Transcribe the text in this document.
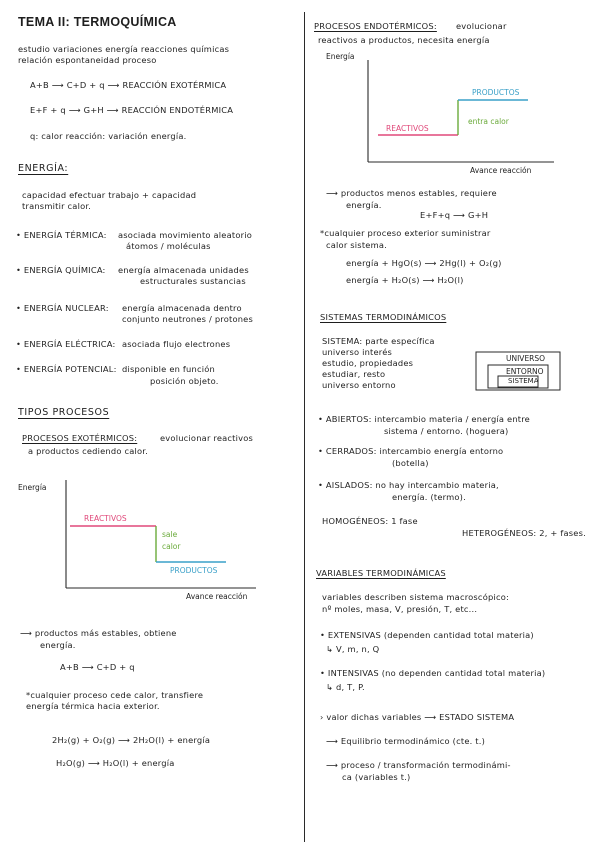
TEMA II: TERMOQUÍMICA
estudio variaciones energía reacciones químicas
relación espontaneidad proceso
A+B ⟶ C+D + q ⟶ REACCIÓN EXOTÉRMICA
E+F + q ⟶ G+H ⟶ REACCIÓN ENDOTÉRMICA
q: calor reacción: variación energía.
ENERGÍA:
capacidad efectuar trabajo + capacidad
transmitir calor.
• ENERGÍA TÉRMICA: asociada movimiento aleatorio
átomos / moléculas
• ENERGÍA QUÍMICA: energía almacenada unidades
estructurales sustancias
• ENERGÍA NUCLEAR: energía almacenada dentro
conjunto neutrones / protones
• ENERGÍA ELÉCTRICA: asociada flujo electrones
• ENERGÍA POTENCIAL: disponible en función
posición objeto.
TIPOS PROCESOS
PROCESOS EXOTÉRMICOS:	evolucionar reactivos
a productos cediendo calor.
Energía
REACTIVOS
sale
calor
PRODUCTOS
Avance reacción
⟶ productos más estables, obtiene
energía.
A+B ⟶ C+D + q
*cualquier proceso cede calor, transfiere
energía térmica hacia exterior.
2H₂(g) + O₂(g) ⟶ 2H₂O(l) + energía
H₂O(g) ⟶ H₂O(l) + energía
PROCESOS ENDOTÉRMICOS: evolucionar
reactivos a productos, necesita energía
Energía
REACTIVOS
PRODUCTOS
entra calor
Avance reacción
⟶ productos menos estables, requiere
energía.
E+F+q ⟶ G+H
*cualquier proceso exterior suministrar
calor sistema.
energía + HgO(s) ⟶ 2Hg(l) + O₂(g)
energía + H₂O(s) ⟶ H₂O(l)
SISTEMAS TERMODINÁMICOS
SISTEMA: parte específica
universo interés
estudio, propiedades
estudiar, resto
universo entorno
UNIVERSO
ENTORNO
SISTEMA
• ABIERTOS: intercambio materia / energía entre
sistema / entorno. (hoguera)
• CERRADOS: intercambio energía entorno
(botella)
• AISLADOS: no hay intercambio materia,
energía. (termo).
HOMOGÉNEOS: 1 fase
HETEROGÉNEOS: 2, + fases.
VARIABLES TERMODINÁMICAS
variables describen sistema macroscópico:
nº moles, masa, V, presión, T, etc...
• EXTENSIVAS (dependen cantidad total materia)
↳ V, m, n, Q
• INTENSIVAS (no dependen cantidad total materia)
↳ d, T, P.
› valor dichas variables ⟶ ESTADO SISTEMA
⟶ Equilibrio termodinámico (cte. t.)
⟶ proceso / transformación termodinámi-
ca (variables t.)
